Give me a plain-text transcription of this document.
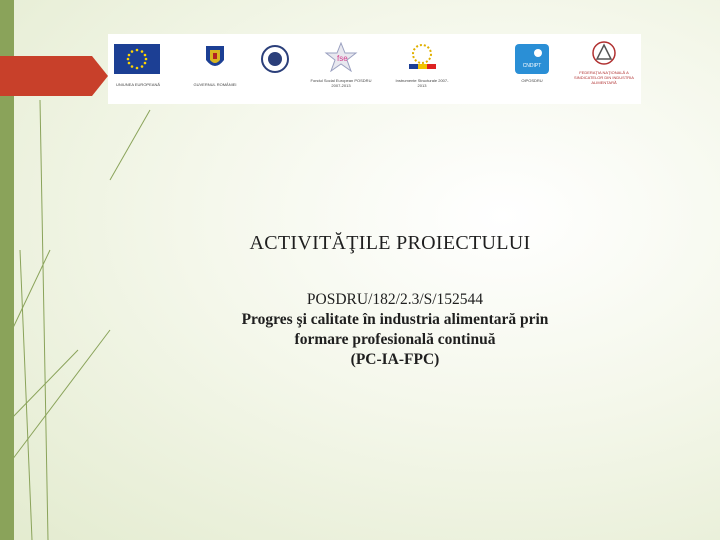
UNIUNEA EUROPEANĂ	GUVERNUL ROMÂNIEI
fse
Fondul Social European POSDRU 2007-2013
Instrumente Structurale 2007-2013
CNDIPT
OIPOSDRU
FEDERAŢIA NAŢIONALĂ A SINDICATELOR DIN INDUSTRIA ALIMENTARĂ
ACTIVITĂŢILE PROIECTULUI
POSDRU/182/2.3/S/152544
Progres şi calitate în industria alimentară prin
formare profesională continuă
(PC-IA-FPC)
